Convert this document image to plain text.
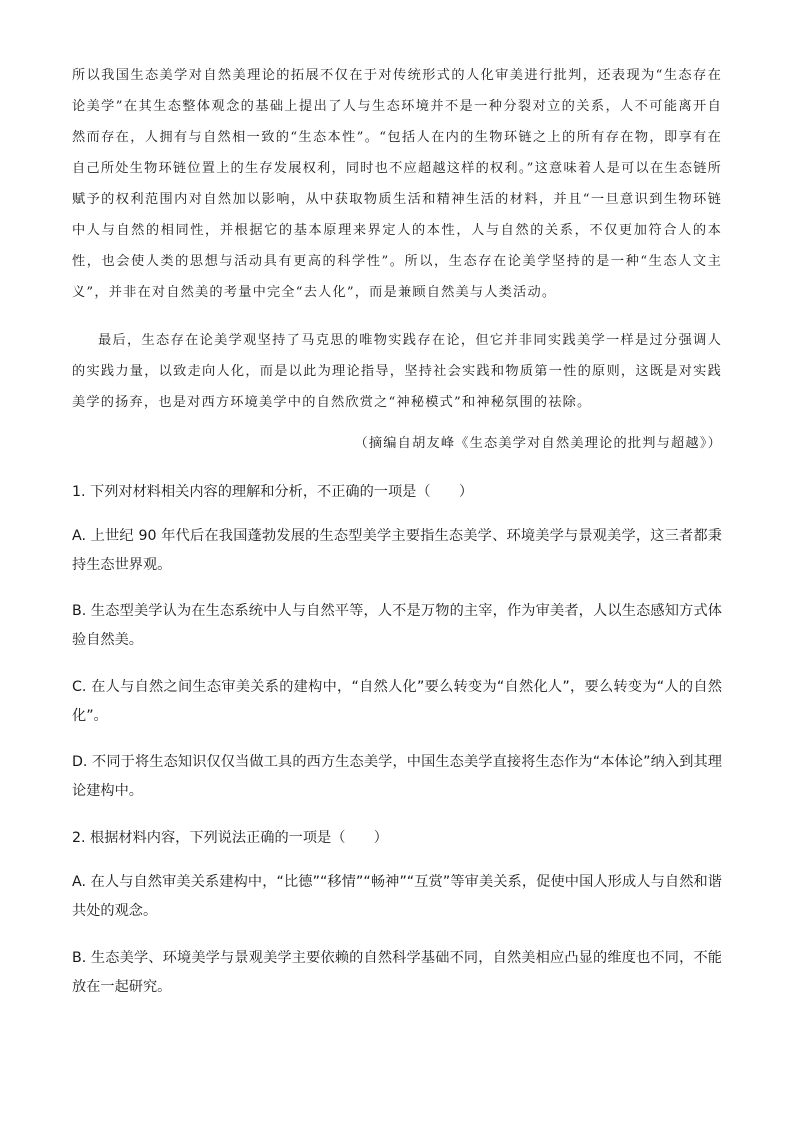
所以我国生态美学对自然美理论的拓展不仅在于对传统形式的人化审美进行批判，还表现为“生态存在论美学”在其生态整体观念的基础上提出了人与生态环境并不是一种分裂对立的关系，人不可能离开自然而存在，人拥有与自然相一致的“生态本性”。“包括人在内的生物环链之上的所有存在物，即享有在自己所处生物环链位置上的生存发展权利，同时也不应超越这样的权利。”这意味着人是可以在生态链所赋予的权利范围内对自然加以影响，从中获取物质生活和精神生活的材料，并且“一旦意识到生物环链中人与自然的相同性，并根据它的基本原理来界定人的本性，人与自然的关系，不仅更加符合人的本性，也会使人类的思想与活动具有更高的科学性”。所以，生态存在论美学坚持的是一种“生态人文主义”，并非在对自然美的考量中完全“去人化”，而是兼顾自然美与人类活动。

最后，生态存在论美学观坚持了马克思的唯物实践存在论，但它并非同实践美学一样是过分强调人的实践力量，以致走向人化，而是以此为理论指导，坚持社会实践和物质第一性的原则，这既是对实践美学的扬弃，也是对西方环境美学中的自然欣赏之“神秘模式”和神秘氛围的祛除。

（摘编自胡友峰《生态美学对自然美理论的批判与超越》）

1. 下列对材料相关内容的理解和分析，不正确的一项是（　　）

A. 上世纪 90 年代后在我国蓬勃发展的生态型美学主要指生态美学、环境美学与景观美学，这三者都秉持生态世界观。

B. 生态型美学认为在生态系统中人与自然平等，人不是万物的主宰，作为审美者，人以生态感知方式体验自然美。

C. 在人与自然之间生态审美关系的建构中，“自然人化”要么转变为“自然化人”，要么转变为“人的自然化”。

D. 不同于将生态知识仅仅当做工具的西方生态美学，中国生态美学直接将生态作为“本体论”纳入到其理论建构中。

2. 根据材料内容，下列说法正确的一项是（　　）

A. 在人与自然审美关系建构中，“比德”“移情”“畅神”“互赏”等审美关系，促使中国人形成人与自然和谐共处的观念。

B. 生态美学、环境美学与景观美学主要依赖的自然科学基础不同，自然美相应凸显的维度也不同，不能放在一起研究。
